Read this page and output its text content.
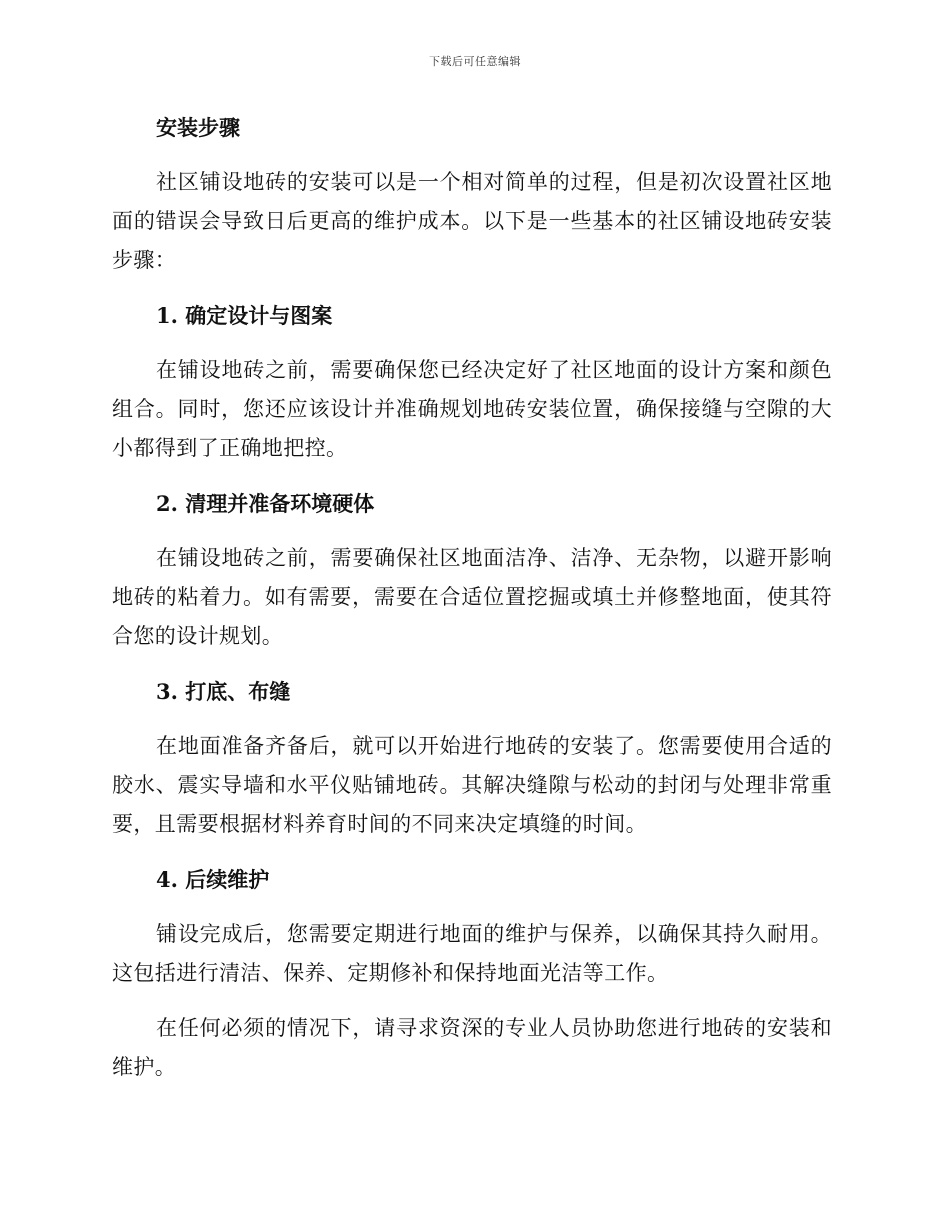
下载后可任意编辑
安装步骤

社区铺设地砖的安装可以是一个相对简单的过程，但是初次设置社区地面的错误会导致日后更高的维护成本。以下是一些基本的社区铺设地砖安装步骤：

1. 确定设计与图案

在铺设地砖之前，需要确保您已经决定好了社区地面的设计方案和颜色组合。同时，您还应该设计并准确规划地砖安装位置，确保接缝与空隙的大小都得到了正确地把控。

2. 清理并准备环境硬体

在铺设地砖之前，需要确保社区地面洁净、洁净、无杂物，以避开影响地砖的粘着力。如有需要，需要在合适位置挖掘或填土并修整地面，使其符合您的设计规划。

3. 打底、布缝

在地面准备齐备后，就可以开始进行地砖的安装了。您需要使用合适的胶水、震实导墙和水平仪贴铺地砖。其解决缝隙与松动的封闭与处理非常重要，且需要根据材料养育时间的不同来决定填缝的时间。

4. 后续维护

铺设完成后，您需要定期进行地面的维护与保养，以确保其持久耐用。这包括进行清洁、保养、定期修补和保持地面光洁等工作。

在任何必须的情况下，请寻求资深的专业人员协助您进行地砖的安装和维护。
